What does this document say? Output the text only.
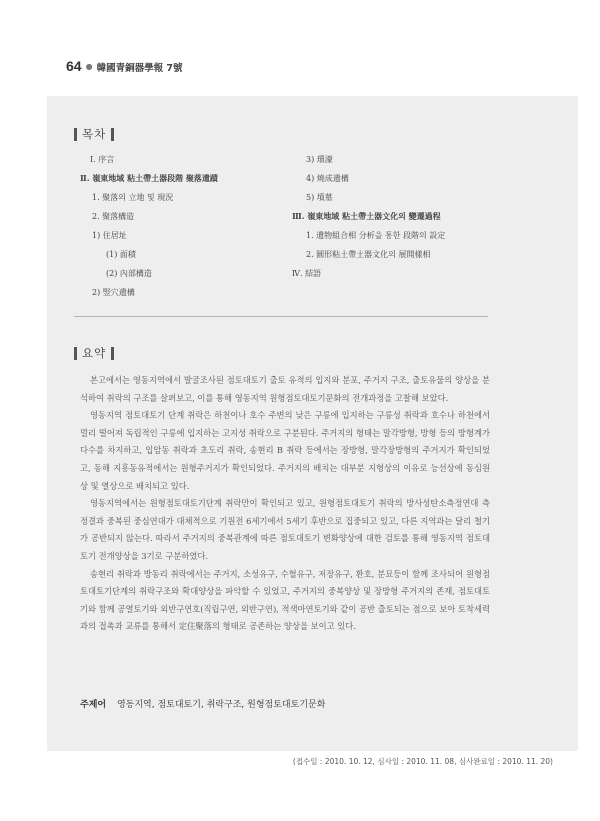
64 ● 韓國青銅器學報 7號
목차
Ⅰ. 序言
Ⅱ. 嶺東地域 粘土帶土器段階 聚落遺蹟
1. 聚落의 立地 및 現況
2. 聚落構造
1) 住居址
(1) 面積
(2) 內部構造
2) 竪穴遺構
3) 環濠
4) 燒成遺構
5) 墳墓
Ⅲ. 嶺東地域 粘土帶土器文化의 變遷過程
1. 遺物組合相 分析을 통한 段階의 設定
2. 圓形粘土帶土器文化의 展開樣相
Ⅳ. 結語
요약

본고에서는 영동지역에서 발굴조사된 점토대토기 출토 유적의 입지와 분포, 주거지 구조, 출토유물의 양상을 분석하여 취락의 구조를 살펴보고, 이를 통해 영동지역 원형점토대토기문화의 전개과정을 고찰해 보았다.

영동지역 점토대토기 단계 취락은 하천이나 호수 주변의 낮은 구릉에 입지하는 구릉성 취락과 호수나 하천에서 멀리 떨어져 독립적인 구릉에 입지하는 고지성 취락으로 구분된다. 주거지의 형태는 말각방형, 방형 등의 방형계가 다수를 차지하고, 입암동 취락과 초도리 취락, 송현리 B 취락 등에서는 장방형, 말각장방형의 주거지가 확인되었고, 동해 지흥동유적에서는 원형주거지가 확인되었다. 주거지의 배치는 대부분 지형상의 이유로 능선상에 동심원상 및 열상으로 배치되고 있다.

영동지역에서는 원형점토대토기단계 취락만이 확인되고 있고, 원형점토대토기 취락의 방사성탄소측정연대 측정결과 중복된 중심연대가 대체적으로 기원전 6세기에서 5세기 후반으로 집중되고 있고, 다른 지역과는 달리 철기가 공반되지 않는다. 따라서 주거지의 중복관계에 따른 점토대토기 변화양상에 대한 검토를 통해 영동지역 점토대토기 전개양상을 3기로 구분하였다.

송현리 취락과 방동리 취락에서는 주거지, 소성유구, 수혈유구, 저장유구, 환호, 분묘등이 함께 조사되어 원형점토대토기단계의 취락구조와 확대양상을 파악할 수 있었고, 주거지의 중복양상 및 장방형 주거지의 존재, 점토대토기와 함께 공열토기와 외반구연호(직립구연, 외반구연), 적색마연토기와 같이 공반 출토되는 점으로 보아 토착세력과의 접촉과 교류를 통해서 定住聚落의 형태로 공존하는 양상을 보이고 있다.

주제어 영동지역, 점토대토기, 취락구조, 원형점토대토기문화
(접수일 : 2010. 10. 12, 심사일 : 2010. 11. 08, 심사완료일 : 2010. 11. 20)
